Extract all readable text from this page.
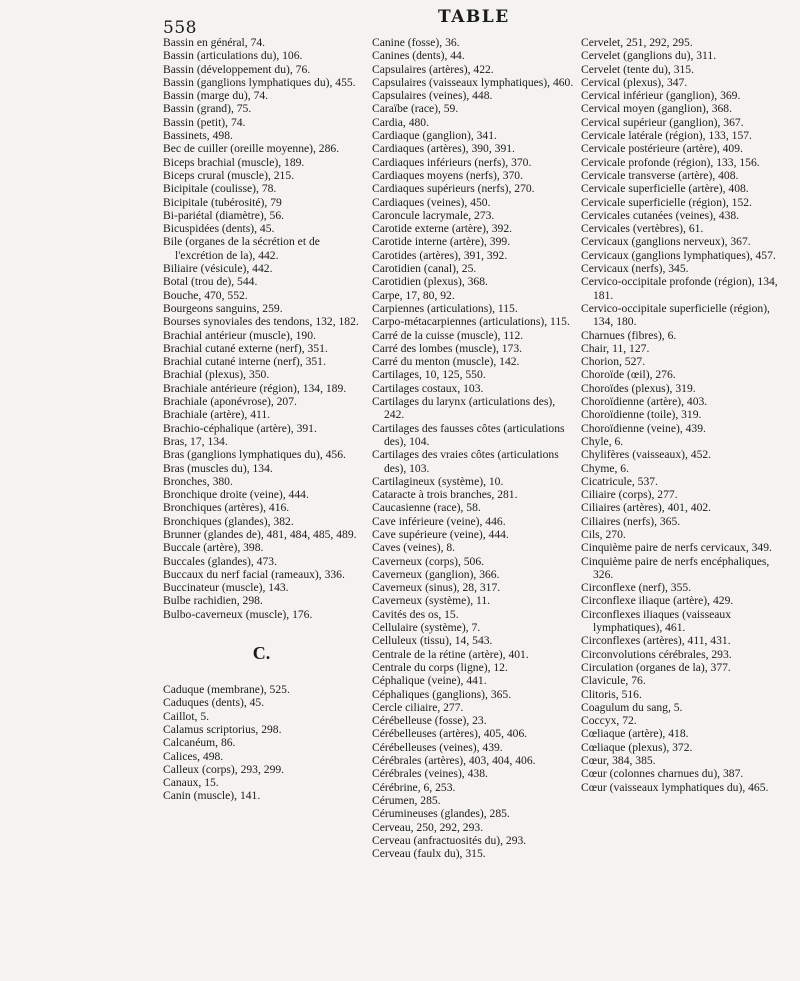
558
TABLE

Bassin en général, 74.

Bassin (articulations du), 106.

Bassin (développement du), 76.

Bassin (ganglions lymphatiques du), 455.

Bassin (marge du), 74.

Bassin (grand), 75.

Bassin (petit), 74.

Bassinets, 498.

Bec de cuiller (oreille moyenne), 286.

Biceps brachial (muscle), 189.

Biceps crural (muscle), 215.

Bicipitale (coulisse), 78.

Bicipitale (tubérosité), 79

Bi-pariétal (diamètre), 56.

Bicuspidées (dents), 45.

Bile (organes de la sécrétion et de l'excrétion de la), 442.

Biliaire (vésicule), 442.

Botal (trou de), 544.

Bouche, 470, 552.

Bourgeons sanguins, 259.

Bourses synoviales des tendons, 132, 182.

Brachial antérieur (muscle), 190.

Brachial cutané externe (nerf), 351.

Brachial cutané interne (nerf), 351.

Brachial (plexus), 350.

Brachiale antérieure (région), 134, 189.

Brachiale (aponévrose), 207.

Brachiale (artère), 411.

Brachio-céphalique (artère), 391.

Bras, 17, 134.

Bras (ganglions lymphatiques du), 456.

Bras (muscles du), 134.

Bronches, 380.

Bronchique droite (veine), 444.

Bronchiques (artères), 416.

Bronchiques (glandes), 382.

Brunner (glandes de), 481, 484, 485, 489.

Buccale (artère), 398.

Buccales (glandes), 473.

Buccaux du nerf facial (rameaux), 336.

Buccinateur (muscle), 143.

Bulbe rachidien, 298.

Bulbo-caverneux (muscle), 176.

C.

Caduque (membrane), 525.

Caduques (dents), 45.

Caillot, 5.

Calamus scriptorius, 298.

Calcanéum, 86.

Calices, 498.

Calleux (corps), 293, 299.

Canaux, 15.

Canin (muscle), 141.

Canine (fosse), 36.

Canines (dents), 44.

Capsulaires (artères), 422.

Capsulaires (vaisseaux lymphatiques), 460.

Capsulaires (veines), 448.

Caraïbe (race), 59.

Cardia, 480.

Cardiaque (ganglion), 341.

Cardiaques (artères), 390, 391.

Cardiaques inférieurs (nerfs), 370.

Cardiaques moyens (nerfs), 370.

Cardiaques supérieurs (nerfs), 270.

Cardiaques (veines), 450.

Caroncule lacrymale, 273.

Carotide externe (artère), 392.

Carotide interne (artère), 399.

Carotides (artères), 391, 392.

Carotidien (canal), 25.

Carotidien (plexus), 368.

Carpe, 17, 80, 92.

Carpiennes (articulations), 115.

Carpo-métacarpiennes (articulations), 115.

Carré de la cuisse (muscle), 112.

Carré des lombes (muscle), 173.

Carré du menton (muscle), 142.

Cartilages, 10, 125, 550.

Cartilages costaux, 103.

Cartilages du larynx (articulations des), 242.

Cartilages des fausses côtes (articulations des), 104.

Cartilages des vraies côtes (articulations des), 103.

Cartilagineux (système), 10.

Cataracte à trois branches, 281.

Caucasienne (race), 58.

Cave inférieure (veine), 446.

Cave supérieure (veine), 444.

Caves (veines), 8.

Caverneux (corps), 506.

Caverneux (ganglion), 366.

Caverneux (sinus), 28, 317.

Caverneux (système), 11.

Cavités des os, 15.

Cellulaire (système), 7.

Celluleux (tissu), 14, 543.

Centrale de la rétine (artère), 401.

Centrale du corps (ligne), 12.

Céphalique (veine), 441.

Céphaliques (ganglions), 365.

Cercle ciliaire, 277.

Cérébelleuse (fosse), 23.

Cérébelleuses (artères), 405, 406.

Cérébelleuses (veines), 439.

Cérébrales (artères), 403, 404, 406.

Cérébrales (veines), 438.

Cérébrine, 6, 253.

Cérumen, 285.

Cérumineuses (glandes), 285.

Cerveau, 250, 292, 293.

Cerveau (anfractuosités du), 293.

Cerveau (faulx du), 315.

Cervelet, 251, 292, 295.

Cervelet (ganglions du), 311.

Cervelet (tente du), 315.

Cervical (plexus), 347.

Cervical inférieur (ganglion), 369.

Cervical moyen (ganglion), 368.

Cervical supérieur (ganglion), 367.

Cervicale latérale (région), 133, 157.

Cervicale postérieure (artère), 409.

Cervicale profonde (région), 133, 156.

Cervicale transverse (artère), 408.

Cervicale superficielle (artère), 408.

Cervicale superficielle (région), 152.

Cervicales cutanées (veines), 438.

Cervicales (vertèbres), 61.

Cervicaux (ganglions nerveux), 367.

Cervicaux (ganglions lymphatiques), 457.

Cervicaux (nerfs), 345.

Cervico-occipitale profonde (région), 134, 181.

Cervico-occipitale superficielle (région), 134, 180.

Charnues (fibres), 6.

Chair, 11, 127.

Chorion, 527.

Choroïde (œil), 276.

Choroïdes (plexus), 319.

Choroïdienne (artère), 403.

Choroïdienne (toile), 319.

Choroïdienne (veine), 439.

Chyle, 6.

Chylifères (vaisseaux), 452.

Chyme, 6.

Cicatricule, 537.

Ciliaire (corps), 277.

Ciliaires (artères), 401, 402.

Ciliaires (nerfs), 365.

Cils, 270.

Cinquième paire de nerfs cervicaux, 349.

Cinquième paire de nerfs encéphaliques, 326.

Circonflexe (nerf), 355.

Circonflexe iliaque (artère), 429.

Circonflexes iliaques (vaisseaux lymphatiques), 461.

Circonflexes (artères), 411, 431.

Circonvolutions cérébrales, 293.

Circulation (organes de la), 377.

Clavicule, 76.

Clitoris, 516.

Coagulum du sang, 5.

Coccyx, 72.

Cœliaque (artère), 418.

Cœliaque (plexus), 372.

Cœur, 384, 385.

Cœur (colonnes charnues du), 387.

Cœur (vaisseaux lymphatiques du), 465.
